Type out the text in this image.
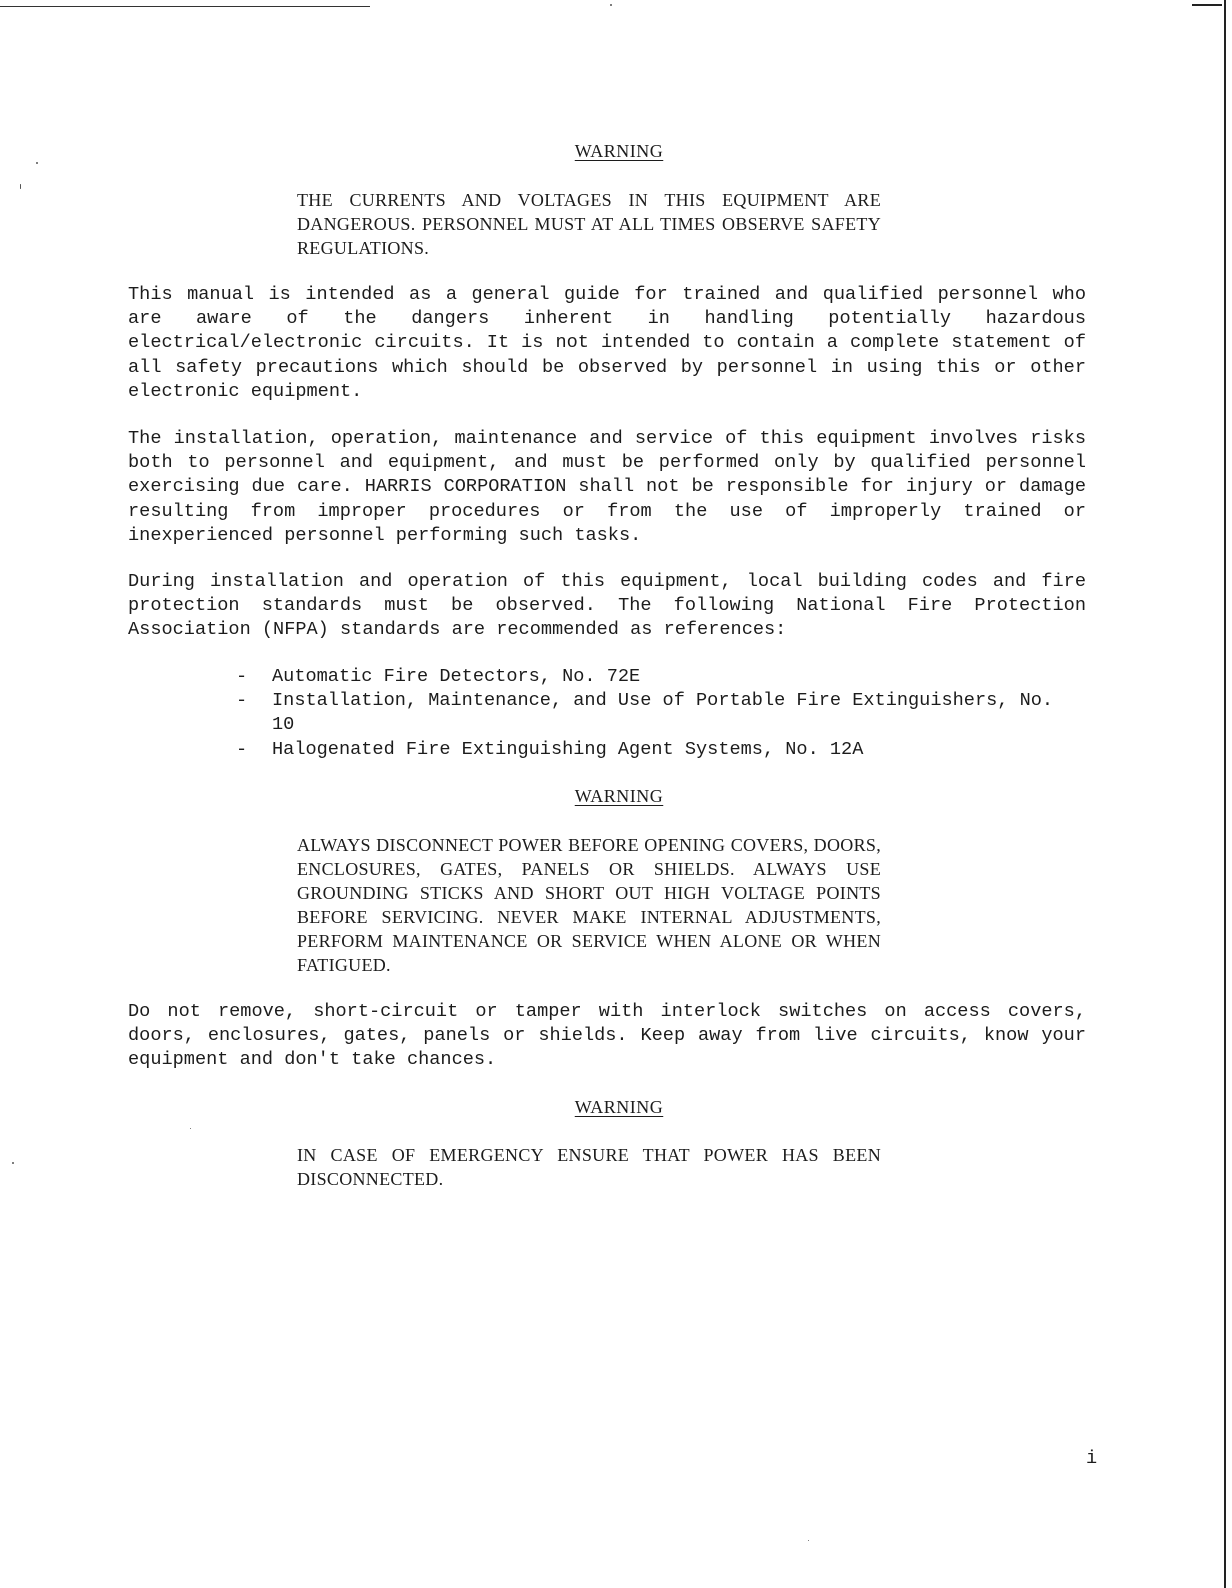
WARNING
THE CURRENTS AND VOLTAGES IN THIS EQUIPMENT ARE DANGEROUS. PERSONNEL MUST AT ALL TIMES OBSERVE SAFETY REGULATIONS.
This manual is intended as a general guide for trained and qualified personnel who are aware of the dangers inherent in handling potentially hazardous electrical/electronic circuits. It is not intended to contain a complete statement of all safety precautions which should be observed by personnel in using this or other electronic equipment.
The installation, operation, maintenance and service of this equipment involves risks both to personnel and equipment, and must be performed only by qualified personnel exercising due care. HARRIS CORPORATION shall not be responsible for injury or damage resulting from improper procedures or from the use of improperly trained or inexperienced personnel performing such tasks.
During installation and operation of this equipment, local building codes and fire protection standards must be observed. The following National Fire Protection Association (NFPA) standards are recommended as references:
- Automatic Fire Detectors, No. 72E
- Installation, Maintenance, and Use of Portable Fire Extinguishers, No. 10
- Halogenated Fire Extinguishing Agent Systems, No. 12A
WARNING
ALWAYS DISCONNECT POWER BEFORE OPENING COVERS, DOORS, ENCLOSURES, GATES, PANELS OR SHIELDS. ALWAYS USE GROUNDING STICKS AND SHORT OUT HIGH VOLTAGE POINTS BEFORE SERVICING. NEVER MAKE INTERNAL ADJUSTMENTS, PERFORM MAINTENANCE OR SERVICE WHEN ALONE OR WHEN FATIGUED.
Do not remove, short-circuit or tamper with interlock switches on access covers, doors, enclosures, gates, panels or shields. Keep away from live circuits, know your equipment and don't take chances.
WARNING
IN CASE OF EMERGENCY ENSURE THAT POWER HAS BEEN DISCONNECTED.
i
